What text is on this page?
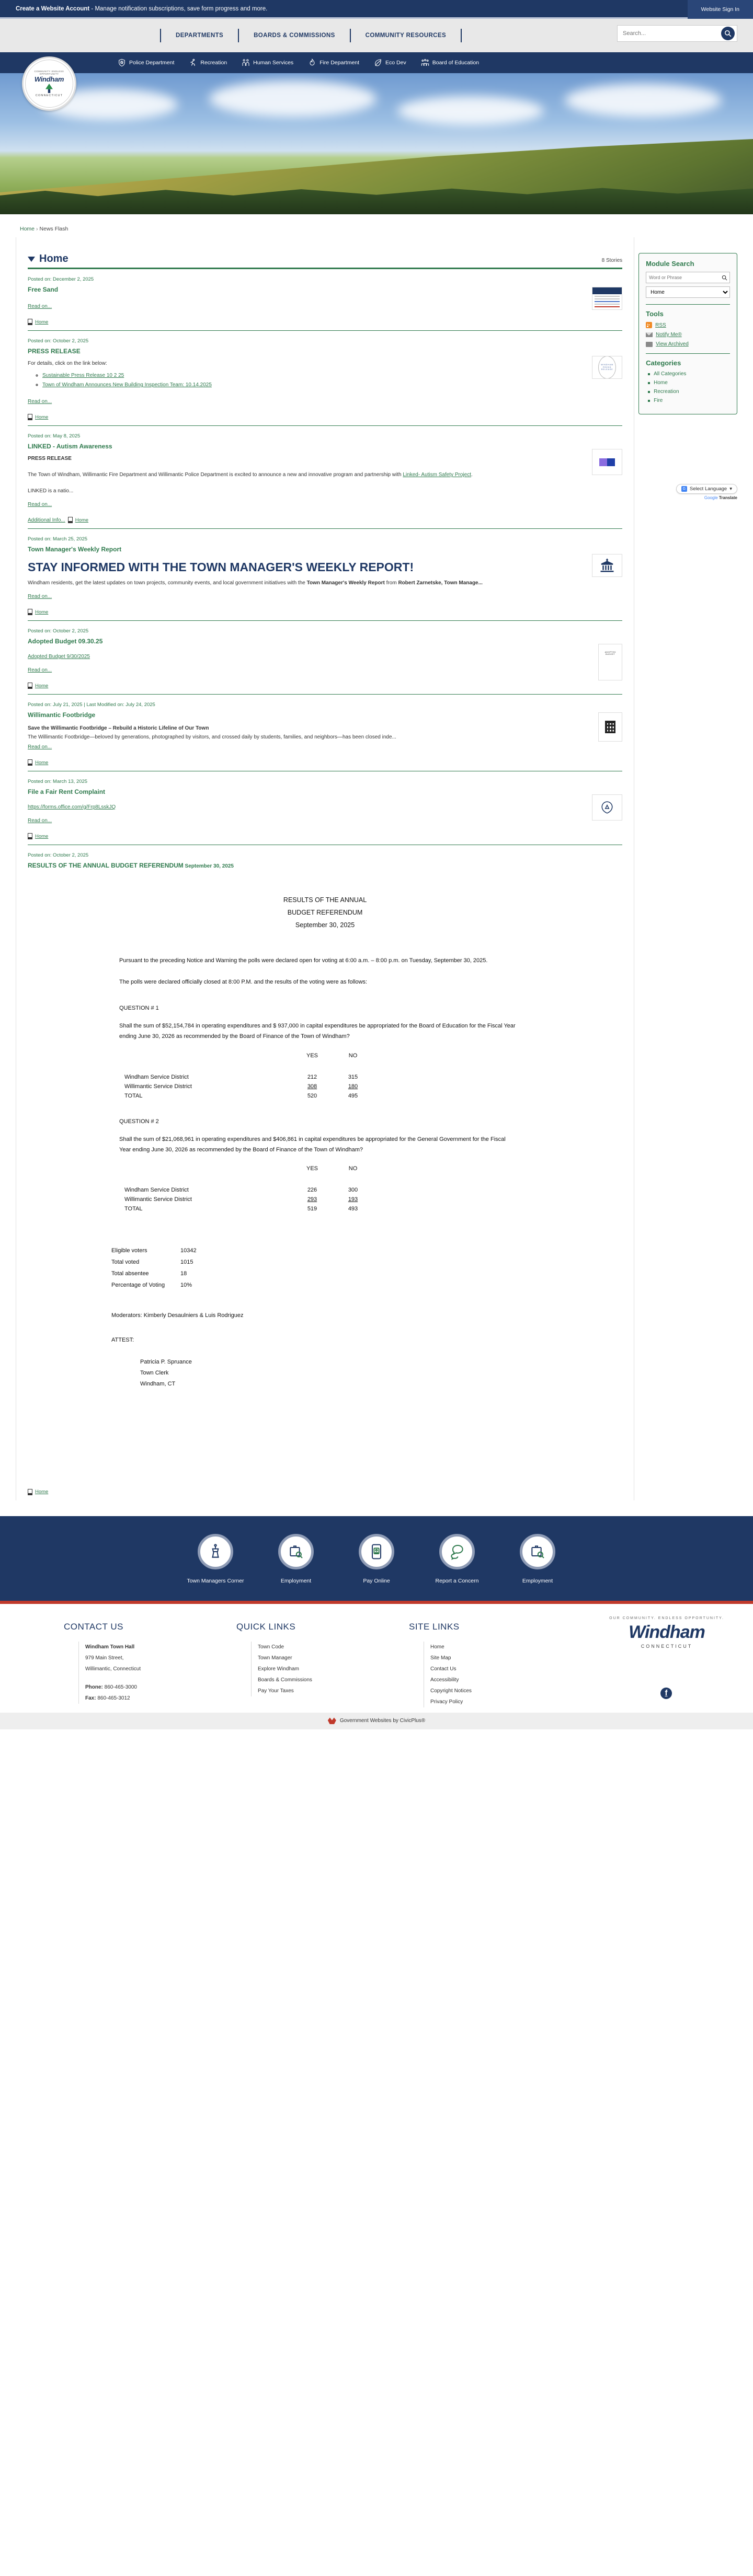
Create a Website Account - Manage notification subscriptions, save form progress and more.	Website Sign In
DEPARTMENTS	BOARDS & COMMISSIONS	COMMUNITY RESOURCES
Search...
COMMUNITY ENDLESS OPPORTUNITY
Windham
CONNECTICUT
Police Department	Recreation	Human Services	Fire Department	Eco Dev	Board of Education
Home › News Flash
Home	8 Stories
Posted on: December 2, 2025
Free Sand
Read on...
Home
Posted on: October 2, 2025
PRESS RELEASE
For details, click on the link below:
◦ Sustainable Press Release 10 2 25
◦ Town of Windham Announces New Building Inspection Team: 10.14.2025
Read on...
Home
WINDHAM
PRESS
RELEASE
Posted on: May 8, 2025
LINKED - Autism Awareness
PRESS RELEASE
The Town of Windham, Willimantic Fire Department and Willimantic Police Department is excited to announce a new and innovative program and partnership with Linked- Autism Safety Project.
LINKED is a natio...
Read on...
Additional Info... Home
Posted on: March 25, 2025
Town Manager's Weekly Report
STAY INFORMED WITH THE TOWN MANAGER'S WEEKLY REPORT!
Windham residents, get the latest updates on town projects, community events, and local government initiatives with the Town Manager's Weekly Report from Robert Zarnetske, Town Manage...
Read on...
Home
Posted on: October 2, 2025
Adopted Budget 09.30.25
Adopted Budget 9/30/2025
Read on...
Home
ADOPTED
BUDGET
Posted on: July 21, 2025 | Last Modified on: July 24, 2025
Willimantic Footbridge
Save the Willimantic Footbridge – Rebuild a Historic Lifeline of Our Town
The Willimantic Footbridge—beloved by generations, photographed by visitors, and crossed daily by students, families, and neighbors—has been closed inde...
Read on...
Home
Posted on: March 13, 2025
File a Fair Rent Complaint
https://forms.office.com/g/Frp8LsskJQ
Read on...
Home
Posted on: October 2, 2025
RESULTS OF THE ANNUAL BUDGET REFERENDUM September 30, 2025
RESULTS OF THE ANNUAL
BUDGET REFERENDUM
September 30, 2025

Pursuant to the preceding Notice and Warning the polls were declared open for voting at 6:00 a.m. – 8:00 p.m. on Tuesday, September 30, 2025.

The polls were declared officially closed at 8:00 P.M. and the results of the voting were as follows:

QUESTION # 1

Shall the sum of $52,154,784 in operating expenditures and $ 937,000 in capital expenditures be appropriated for the Board of Education for the Fiscal Year ending June 30, 2026 as recommended by the Board of Finance of the Town of Windham?

	YES	NO
Windham Service District	212	315
Willimantic Service District	308	180
TOTAL	520	495
QUESTION # 2

Shall the sum of $21,068,961 in operating expenditures and $406,861 in capital expenditures be appropriated for the General Government for the Fiscal Year ending June 30, 2026 as recommended by the Board of Finance of the Town of Windham?

	YES	NO
Windham Service District	226	300
Willimantic Service District	293	193
TOTAL	519	493
Eligible voters	10342
Total voted	1015
Total absentee	18
Percentage of Voting	10%
Moderators: Kimberly Desaulniers & Luis Rodriguez
ATTEST:
Patricia P. Spruance
Town Clerk
Windham, CT
Home
Module Search
Word or Phrase
Home
Tools
RSS
Notify Me®
View Archived
Categories
All Categories
Home
Recreation
Fire
G Select Language ▾
Google Translate
Town Managers Corner	Employment	Pay Online	Report a Concern	Employment
CONTACT US

Windham Town Hall

979 Main Street,

Willimantic, Connecticut

Phone: 860-465-3000

Fax: 860-465-3012

QUICK LINKS
Town Code
Town Manager
Explore Windham
Boards & Commissions
Pay Your Taxes
SITE LINKS
Home
Site Map
Contact Us
Accessibility
Copyright Notices
Privacy Policy
OUR COMMUNITY. ENDLESS OPPORTUNITY.
Windham
CONNECTICUT
f
Government Websites by CivicPlus®
